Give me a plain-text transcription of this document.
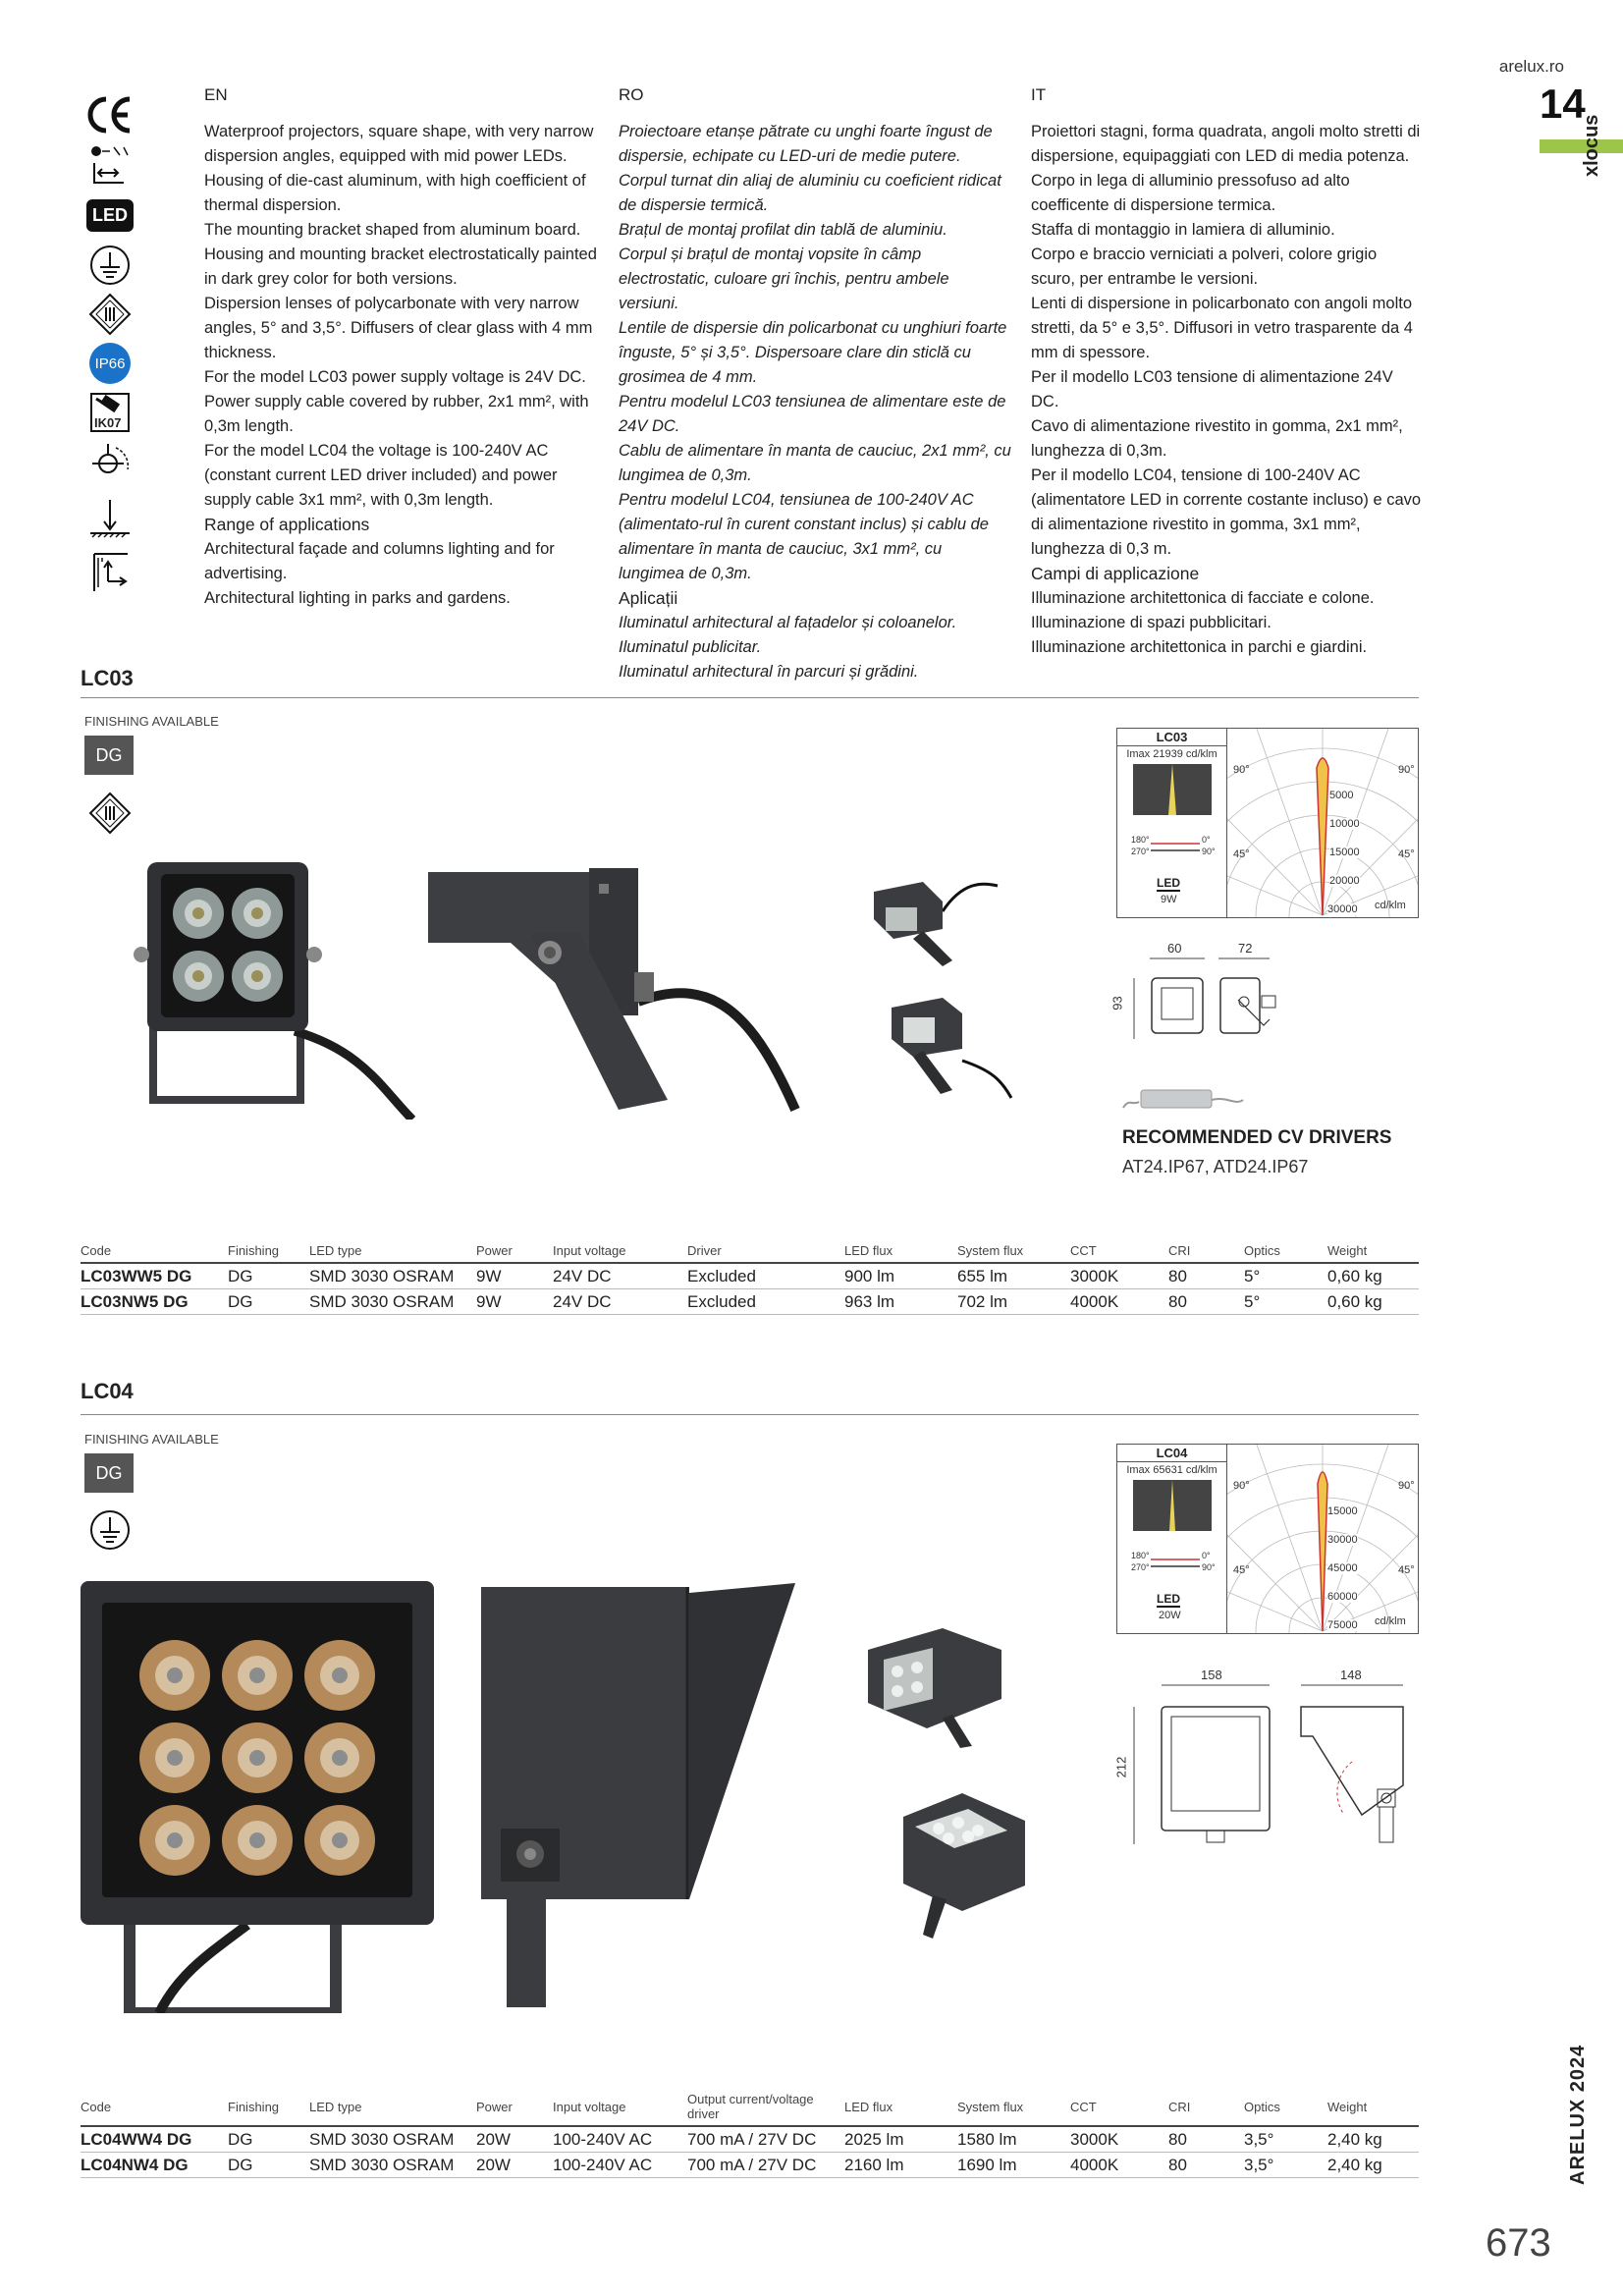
arelux.ro
14
xlocus
ARELUX 2024
673
LED
IP66
IK07
EN

Waterproof projectors, square shape, with very narrow dispersion angles, equipped with mid power LEDs.

Housing of die-cast aluminum, with high coefficient of thermal dispersion.

The mounting bracket shaped from aluminum board.

Housing and mounting bracket electrostatically painted in dark grey color for both versions.

Dispersion lenses of polycarbonate with very narrow angles, 5° and 3,5°. Diffusers of clear glass with 4 mm thickness.

For the model LC03 power supply voltage is 24V DC.

Power supply cable covered by rubber, 2x1 mm², with 0,3m length.

For the model LC04 the voltage is 100-240V AC (constant current LED driver included) and power supply cable 3x1 mm², with 0,3m length.

Range of applications

Architectural façade and columns lighting and for advertising.

Architectural lighting in parks and gardens.

RO

Proiectoare etanșe pătrate cu unghi foarte îngust de dispersie, echipate cu LED-uri de medie putere.

Corpul turnat din aliaj de aluminiu cu coeficient ridicat de dispersie termică.

Brațul de montaj profilat din tablă de aluminiu.

Corpul și brațul de montaj vopsite în câmp electrostatic, culoare gri închis, pentru ambele versiuni.

Lentile de dispersie din policarbonat cu unghiuri foarte înguste, 5° și 3,5°. Dispersoare clare din sticlă cu grosimea de 4 mm.

Pentru modelul LC03 tensiunea de alimentare este de 24V DC.

Cablu de alimentare în manta de cauciuc, 2x1 mm², cu lungimea de 0,3m.

Pentru modelul LC04, tensiunea de 100-240V AC (alimentato-rul în curent constant inclus) și cablu de alimentare în manta de cauciuc, 3x1 mm², cu lungimea de 0,3m.

Aplicații

Iluminatul arhitectural al fațadelor și coloanelor.

Iluminatul publicitar.

Iluminatul arhitectural în parcuri și grădini.

IT

Proiettori stagni, forma quadrata, angoli molto stretti di dispersione, equipaggiati con LED di media potenza.

Corpo in lega di alluminio pressofuso ad alto coefficente di dispersione termica.

Staffa di montaggio in lamiera di alluminio.

Corpo e braccio verniciati a polveri, colore grigio scuro, per entrambe le versioni.

Lenti di dispersione in policarbonato con angoli molto stretti, da 5° e 3,5°. Diffusori in vetro trasparente da 4 mm di spessore.

Per il modello LC03 tensione di alimentazione 24V DC.

Cavo di alimentazione rivestito in gomma, 2x1 mm², lunghezza di 0,3m.

Per il modello LC04, tensione di 100-240V AC (alimentatore LED in corrente costante incluso) e cavo di alimentazione rivestito in gomma, 3x1 mm², lunghezza di 0,3 m.

Campi di applicazione

Illuminazione architettonica di facciate e colone.

Illuminazione di spazi pubblicitari.

Illuminazione architettonica in parchi e giardini.

LC03
FINISHING AVAILABLE
DG
LC03
Imax 21939 cd/klm
180°	0°
270°	90°
LED
9W
90°	90°
45°	45°
5000
10000
15000
20000
30000 cd/klm
60	72
93
RECOMMENDED CV DRIVERS
AT24.IP67, ATD24.IP67
Code	Finishing	LED type	Power	Input voltage	Driver	LED flux	System flux	CCT	CRI	Optics	Weight
LC03WW5 DG	DG	SMD 3030 OSRAM	9W	24V DC	Excluded	900 lm	655 lm	3000K	80	5°	0,60 kg
LC03NW5 DG	DG	SMD 3030 OSRAM	9W	24V DC	Excluded	963 lm	702 lm	4000K	80	5°	0,60 kg
LC04
FINISHING AVAILABLE
DG
LC04
Imax 65631 cd/klm
180°	0°
270°	90°
LED
20W
90°	90°
45°	45°
15000
30000
45000
60000
75000 cd/klm
158	148
212
Code	Finishing	LED type	Power	Input voltage	Output current/voltage driver	LED flux	System flux	CCT	CRI	Optics	Weight
LC04WW4 DG	DG	SMD 3030 OSRAM	20W	100-240V AC	700 mA / 27V DC	2025 lm	1580 lm	3000K	80	3,5°	2,40 kg
LC04NW4 DG	DG	SMD 3030 OSRAM	20W	100-240V AC	700 mA / 27V DC	2160 lm	1690 lm	4000K	80	3,5°	2,40 kg
